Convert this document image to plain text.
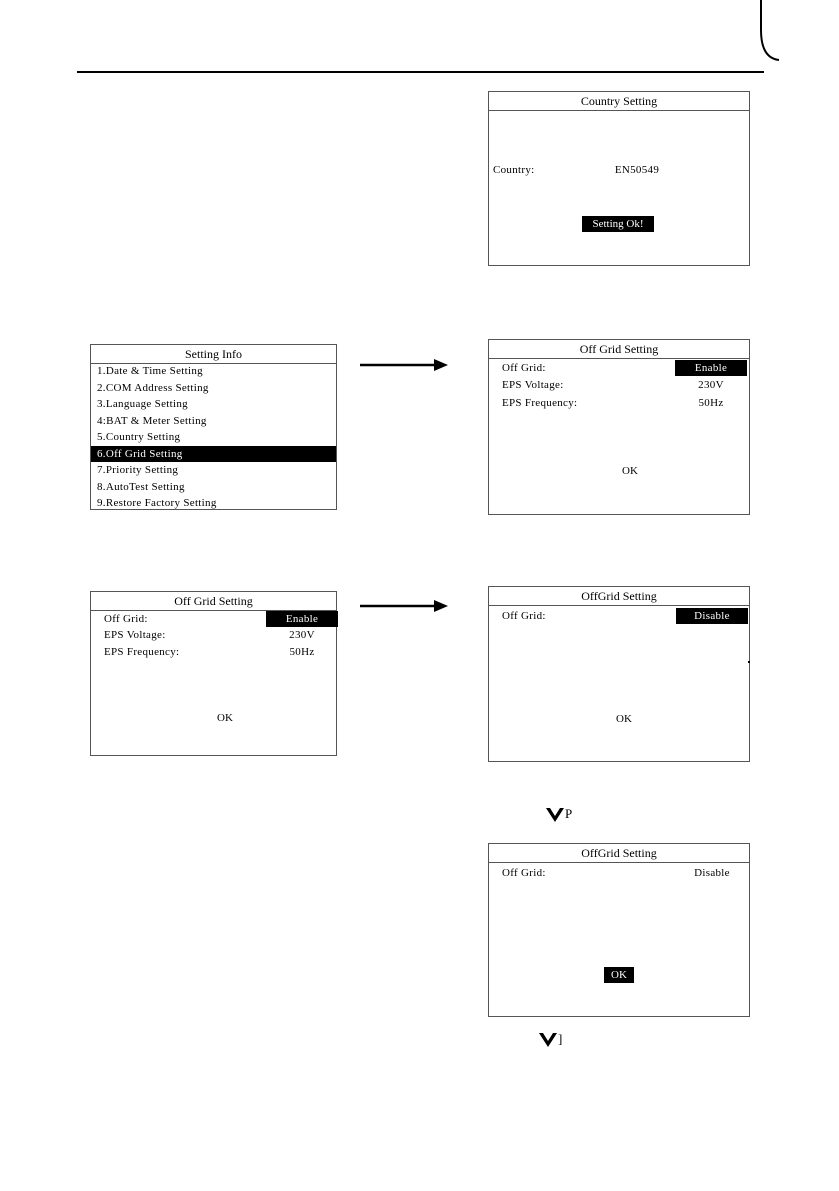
Country Setting
Country:	EN50549
Setting Ok!
Setting Info
1.Date & Time Setting
2.COM Address Setting
3.Language Setting
4:BAT & Meter Setting
5.Country Setting
6.Off Grid Setting
7.Priority Setting
8.AutoTest Setting
9.Restore Factory Setting
Off Grid Setting
Off Grid:	Enable
EPS Voltage:	230V
EPS Frequency:	50Hz
OK
Off Grid Setting
Off Grid:	Enable
EPS Voltage:	230V
EPS Frequency:	50Hz
OK
OffGrid Setting
Off Grid:	Disable
OK
P
OffGrid Setting
Off Grid:	Disable
OK
]
